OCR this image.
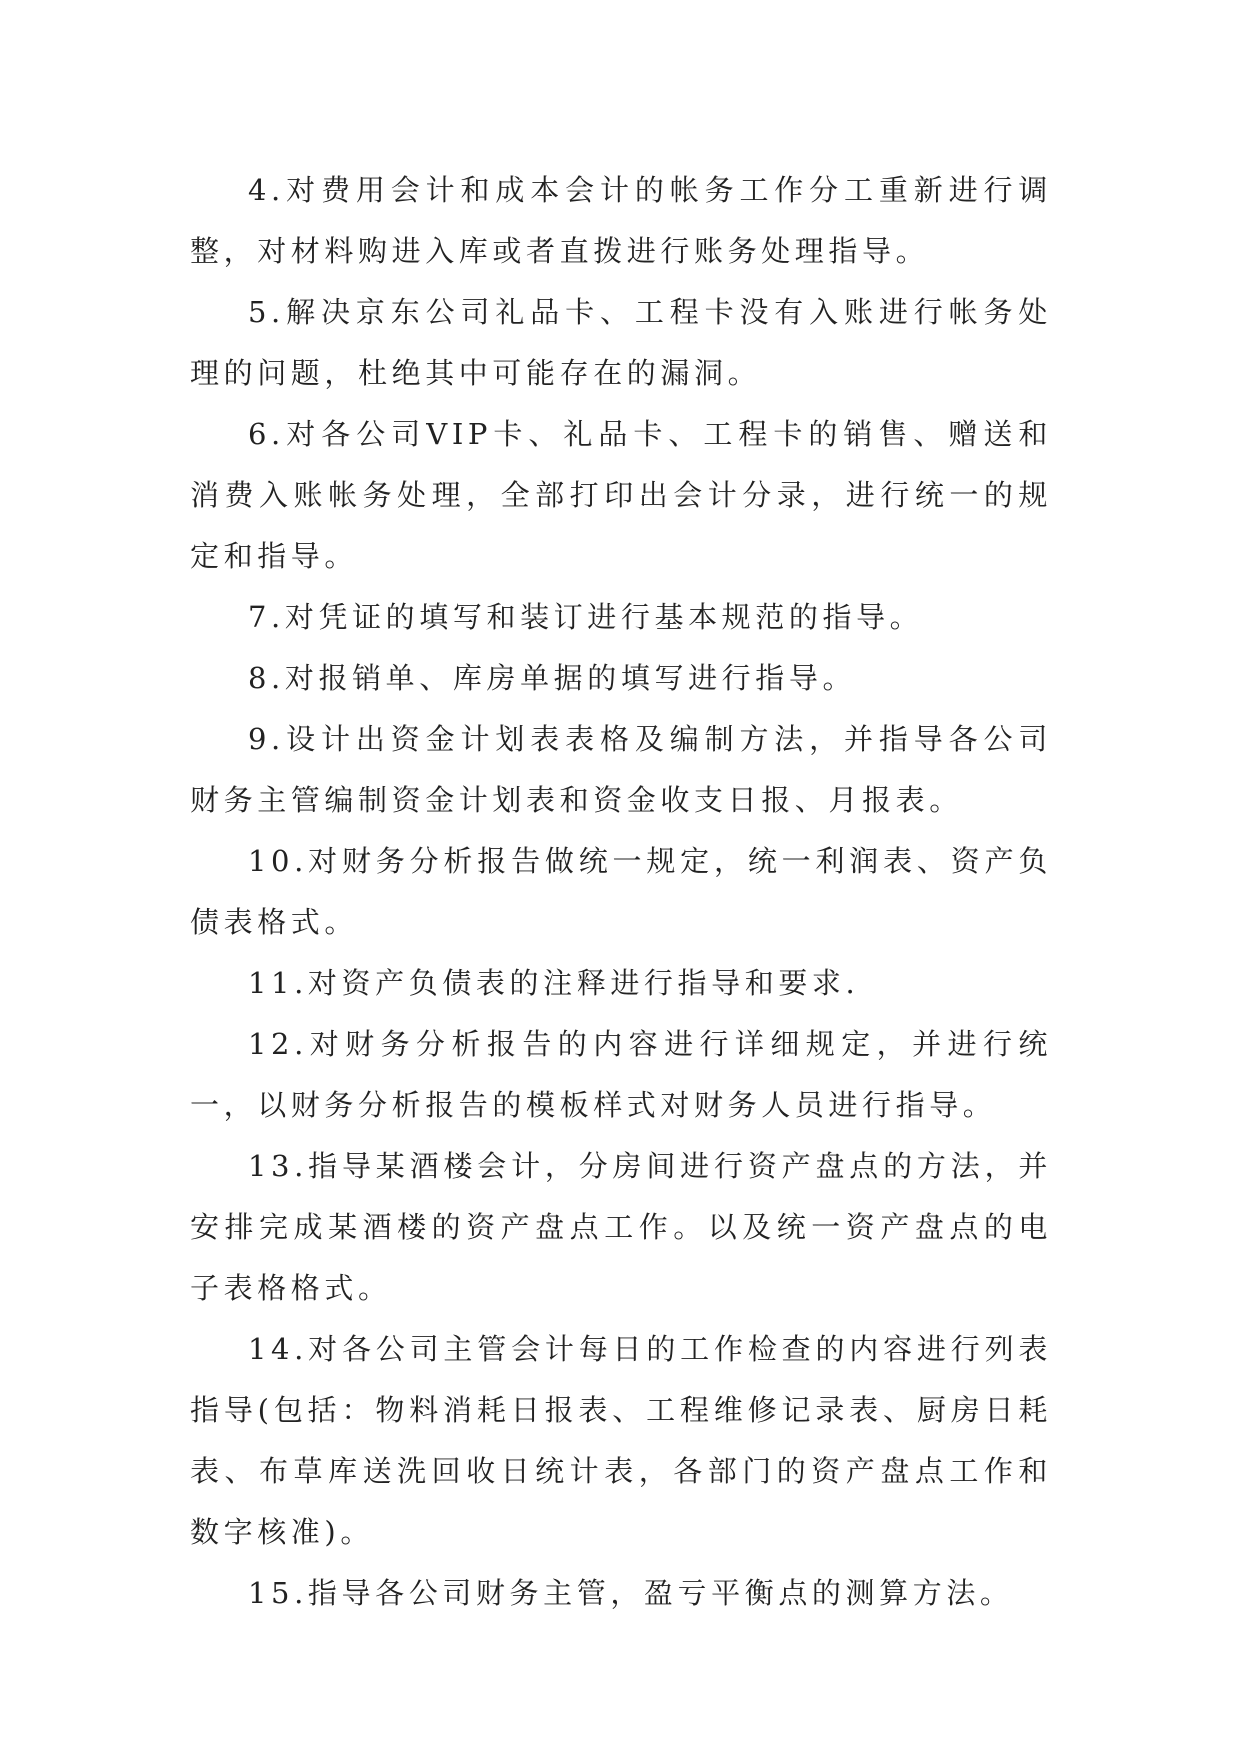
4.对费用会计和成本会计的帐务工作分工重新进行调整，对材料购进入库或者直拨进行账务处理指导。

5.解决京东公司礼品卡、工程卡没有入账进行帐务处理的问题，杜绝其中可能存在的漏洞。

6.对各公司VIP卡、礼品卡、工程卡的销售、赠送和消费入账帐务处理，全部打印出会计分录，进行统一的规定和指导。

7.对凭证的填写和装订进行基本规范的指导。

8.对报销单、库房单据的填写进行指导。

9.设计出资金计划表表格及编制方法，并指导各公司财务主管编制资金计划表和资金收支日报、月报表。

10.对财务分析报告做统一规定，统一利润表、资产负债表格式。

11.对资产负债表的注释进行指导和要求.

12.对财务分析报告的内容进行详细规定，并进行统一，以财务分析报告的模板样式对财务人员进行指导。

13.指导某酒楼会计，分房间进行资产盘点的方法，并安排完成某酒楼的资产盘点工作。以及统一资产盘点的电子表格格式。

14.对各公司主管会计每日的工作检查的内容进行列表指导(包括：物料消耗日报表、工程维修记录表、厨房日耗表、布草库送洗回收日统计表，各部门的资产盘点工作和数字核准)。

15.指导各公司财务主管，盈亏平衡点的测算方法。
